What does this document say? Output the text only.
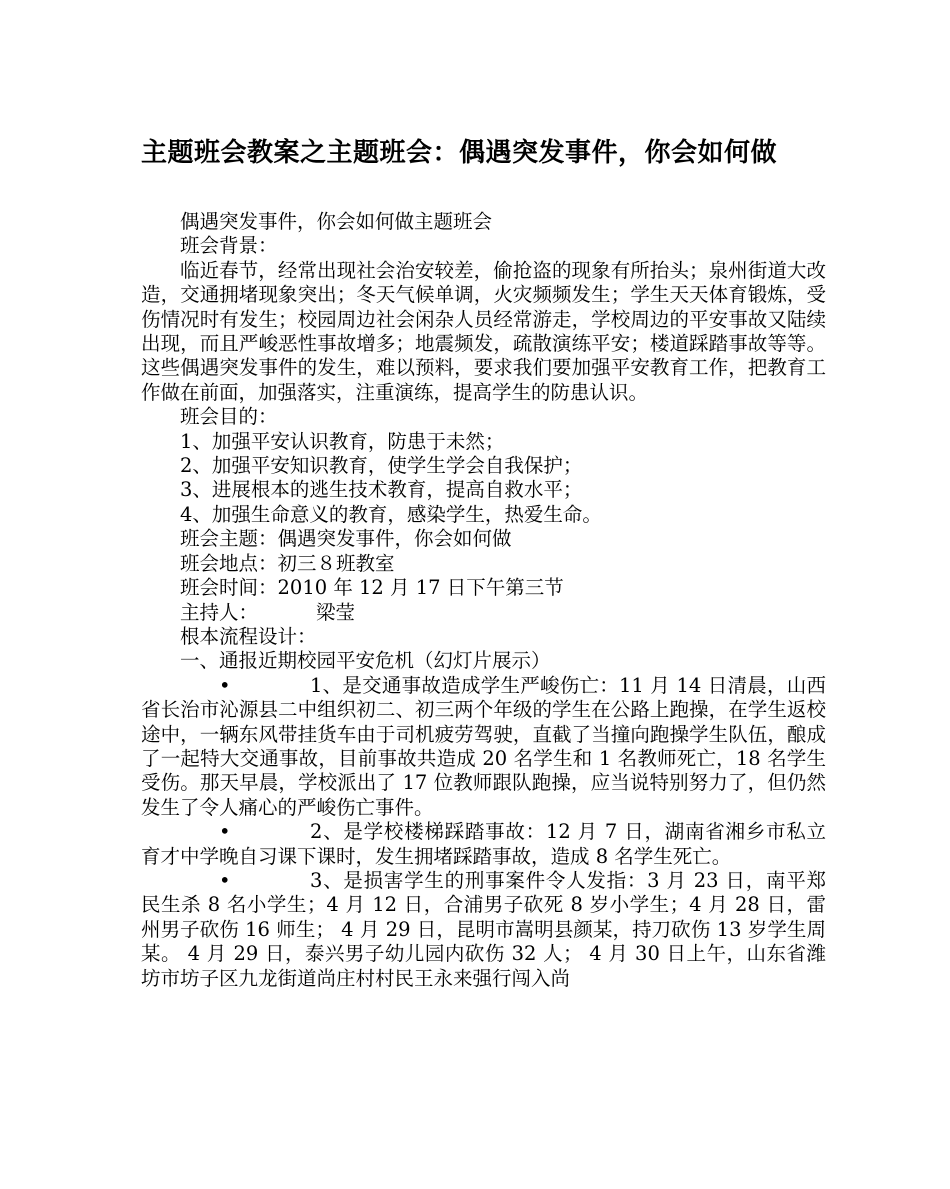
主题班会教案之主题班会：偶遇突发事件，你会如何做

偶遇突发事件，你会如何做主题班会

班会背景：

临近春节，经常出现社会治安较差，偷抢盗的现象有所抬头；泉州街道大改造，交通拥堵现象突出；冬天气候单调，火灾频频发生；学生天天体育锻炼，受伤情况时有发生；校园周边社会闲杂人员经常游走，学校周边的平安事故又陆续出现，而且严峻恶性事故增多；地震频发，疏散演练平安；楼道踩踏事故等等。这些偶遇突发事件的发生，难以预料，要求我们要加强平安教育工作，把教育工作做在前面，加强落实，注重演练，提高学生的防患认识。

班会目的：

1、加强平安认识教育，防患于未然；

2、加强平安知识教育，使学生学会自我保护；

3、进展根本的逃生技术教育，提高自救水平；

4、加强生命意义的教育，感染学生，热爱生命。

班会主题：偶遇突发事件，你会如何做

班会地点：初三８班教室

班会时间：2010 年 12 月 17 日下午第三节

主持人：	梁莹

根本流程设计：

一、通报近期校园平安危机（幻灯片展示）

•	1、是交通事故造成学生严峻伤亡：11 月 14 日清晨，山西省长治市沁源县二中组织初二、初三两个年级的学生在公路上跑操，在学生返校途中，一辆东风带挂货车由于司机疲劳驾驶，直截了当撞向跑操学生队伍，酿成了一起特大交通事故，目前事故共造成 20 名学生和 1 名教师死亡，18 名学生受伤。那天早晨，学校派出了 17 位教师跟队跑操，应当说特别努力了，但仍然发生了令人痛心的严峻伤亡事件。

•	2、是学校楼梯踩踏事故：12 月 7 日，湖南省湘乡市私立育才中学晚自习课下课时，发生拥堵踩踏事故，造成 8 名学生死亡。

•	3、是损害学生的刑事案件令人发指：3 月 23 日，南平郑民生杀 8 名小学生；4 月 12 日，合浦男子砍死 8 岁小学生；4 月 28 日，雷州男子砍伤 16 师生； 4 月 29 日，昆明市嵩明县颜某，持刀砍伤 13 岁学生周某。 4 月 29 日，泰兴男子幼儿园内砍伤 32 人； 4 月 30 日上午，山东省潍坊市坊子区九龙街道尚庄村村民王永来强行闯入尚
